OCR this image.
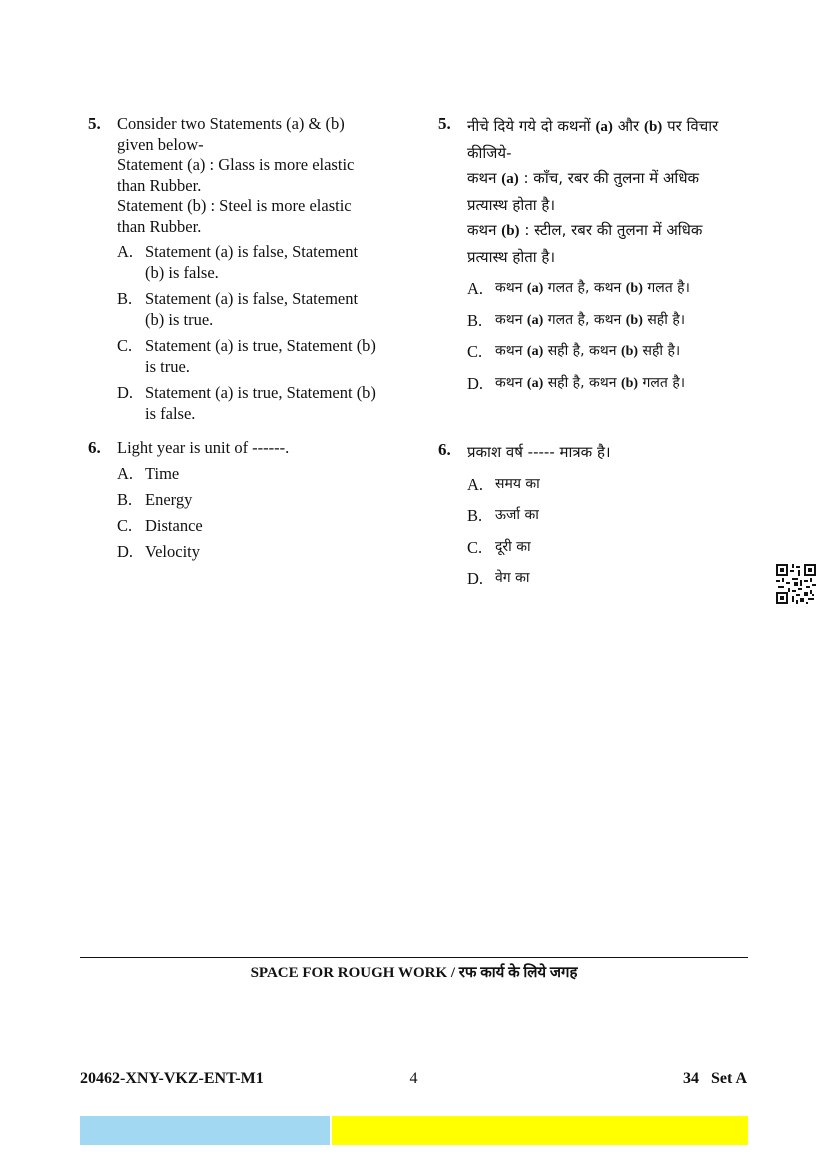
5. Consider two Statements (a) & (b)
given below-
Statement (a) : Glass is more elastic
than Rubber.
Statement (b) : Steel is more elastic
than Rubber.
A. Statement (a) is false, Statement
(b) is false.
B. Statement (a) is false, Statement
(b) is true.
C. Statement (a) is true, Statement (b)
is true.
D. Statement (a) is true, Statement (b)
is false.
6. Light year is unit of ------.
A. Time
B. Energy
C. Distance
D. Velocity
5. नीचे दिये गये दो कथनों (a) और (b) पर विचार
कीजिये-
कथन (a) : काँच, रबर की तुलना में अधिक
प्रत्यास्थ होता है।
कथन (b) : स्टील, रबर की तुलना में अधिक
प्रत्यास्थ होता है।
A. कथन (a) गलत है, कथन (b) गलत है।
B. कथन (a) गलत है, कथन (b) सही है।
C. कथन (a) सही है, कथन (b) सही है।
D. कथन (a) सही है, कथन (b) गलत है।
6. प्रकाश वर्ष ----- मात्रक है।
A. समय का
B. ऊर्जा का
C. दूरी का
D. वेग का
SPACE FOR ROUGH WORK / रफ कार्य के लिये जगह
20462-XNY-VKZ-ENT-M1	4	34   Set A
